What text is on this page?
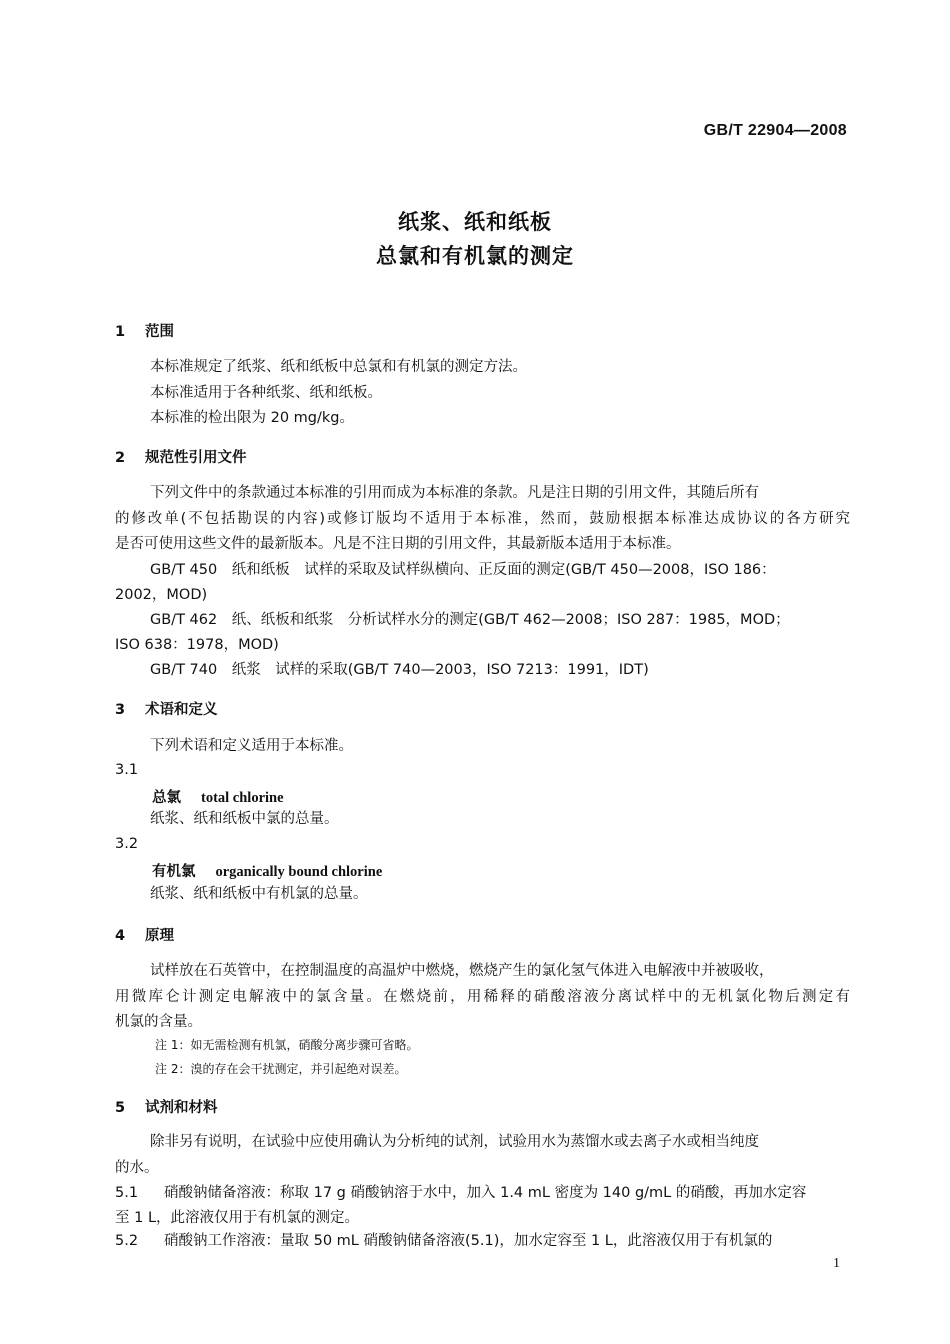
GB/T 22904—2008
纸浆、纸和纸板
总氯和有机氯的测定
1 范围
本标准规定了纸浆、纸和纸板中总氯和有机氯的测定方法。
本标准适用于各种纸浆、纸和纸板。
本标准的检出限为 20 mg/kg。
2 规范性引用文件
下列文件中的条款通过本标准的引用而成为本标准的条款。凡是注日期的引用文件，其随后所有
的修改单(不包括勘误的内容)或修订版均不适用于本标准，然而，鼓励根据本标准达成协议的各方研究
是否可使用这些文件的最新版本。凡是不注日期的引用文件，其最新版本适用于本标准。
GB/T 450　纸和纸板　试样的采取及试样纵横向、正反面的测定(GB/T 450—2008，ISO 186：
2002，MOD)
GB/T 462　纸、纸板和纸浆　分析试样水分的测定(GB/T 462—2008；ISO 287：1985，MOD；
ISO 638：1978，MOD)
GB/T 740　纸浆　试样的采取(GB/T 740—2003，ISO 7213：1991，IDT)
3 术语和定义
下列术语和定义适用于本标准。
3.1
总氯 total chlorine
纸浆、纸和纸板中氯的总量。
3.2
有机氯 organically bound chlorine
纸浆、纸和纸板中有机氯的总量。
4 原理
试样放在石英管中，在控制温度的高温炉中燃烧，燃烧产生的氯化氢气体进入电解液中并被吸收，
用微库仑计测定电解液中的氯含量。在燃烧前，用稀释的硝酸溶液分离试样中的无机氯化物后测定有
机氯的含量。
注 1：如无需检测有机氯，硝酸分离步骤可省略。
注 2：溴的存在会干扰测定，并引起绝对误差。
5 试剂和材料
除非另有说明，在试验中应使用确认为分析纯的试剂，试验用水为蒸馏水或去离子水或相当纯度
的水。
5.1 硝酸钠储备溶液：称取 17 g 硝酸钠溶于水中，加入 1.4 mL 密度为 140 g/mL 的硝酸，再加水定容
至 1 L，此溶液仅用于有机氯的测定。
5.2 硝酸钠工作溶液：量取 50 mL 硝酸钠储备溶液(5.1)，加水定容至 1 L，此溶液仅用于有机氯的
1
